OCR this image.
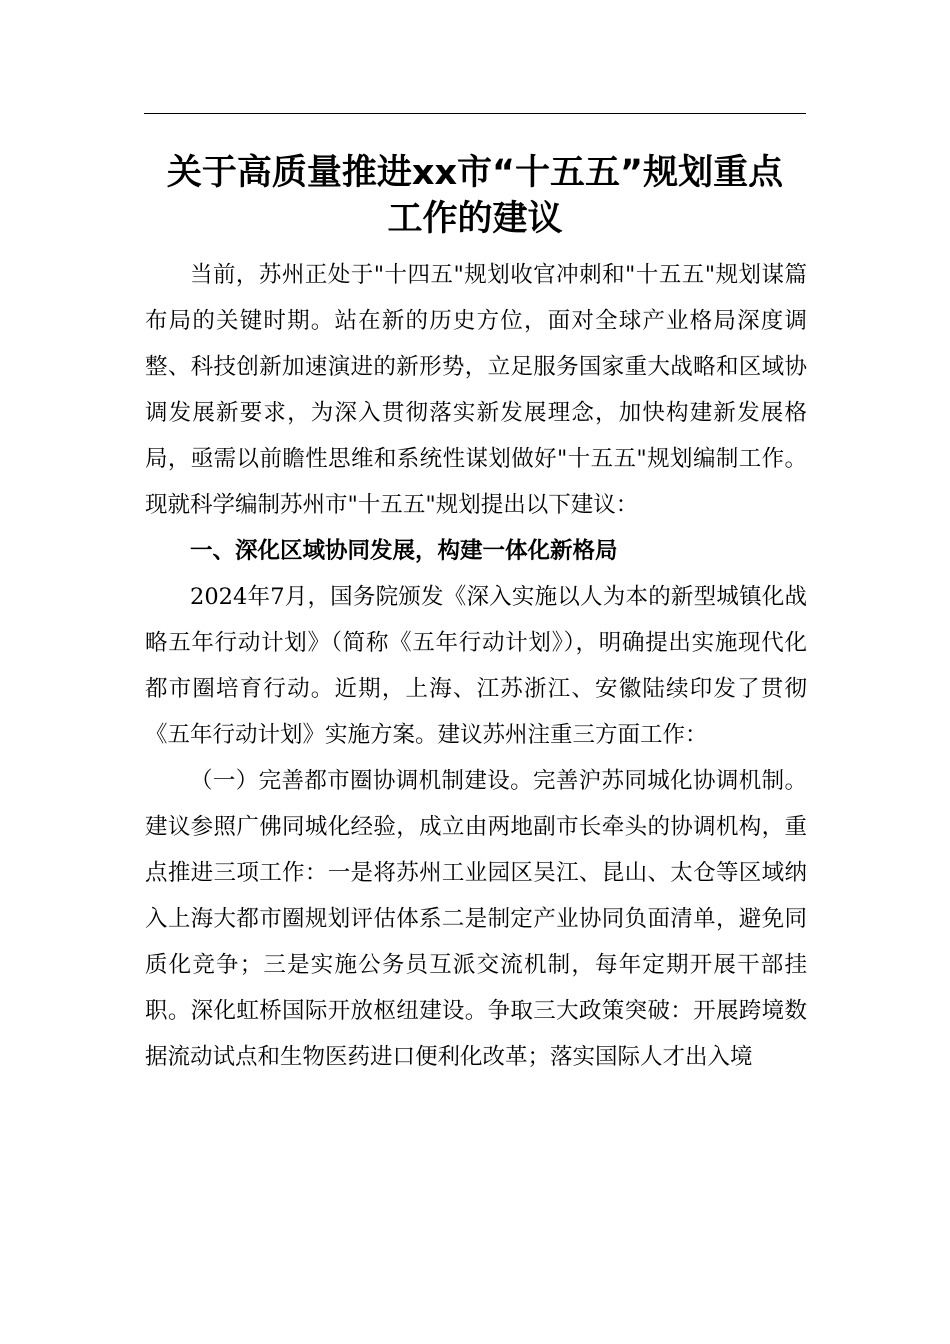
关于高质量推进xx市“十五五”规划重点
工作的建议

当前，苏州正处于"十四五"规划收官冲刺和"十五五"规划谋篇布局的关键时期。站在新的历史方位，面对全球产业格局深度调整、科技创新加速演进的新形势，立足服务国家重大战略和区域协调发展新要求，为深入贯彻落实新发展理念，加快构建新发展格局，亟需以前瞻性思维和系统性谋划做好"十五五"规划编制工作。现就科学编制苏州市"十五五"规划提出以下建议：

一、深化区域协同发展，构建一体化新格局

2024年7月，国务院颁发《深入实施以人为本的新型城镇化战略五年行动计划》（简称《五年行动计划》），明确提出实施现代化都市圈培育行动。近期，上海、江苏浙江、安徽陆续印发了贯彻《五年行动计划》实施方案。建议苏州注重三方面工作：

（一）完善都市圈协调机制建设。完善沪苏同城化协调机制。建议参照广佛同城化经验，成立由两地副市长牵头的协调机构，重点推进三项工作：一是将苏州工业园区吴江、昆山、太仓等区域纳入上海大都市圈规划评估体系二是制定产业协同负面清单，避免同质化竞争；三是实施公务员互派交流机制，每年定期开展干部挂职。深化虹桥国际开放枢纽建设。争取三大政策突破：开展跨境数据流动试点和生物医药进口便利化改革；落实国际人才出入境
